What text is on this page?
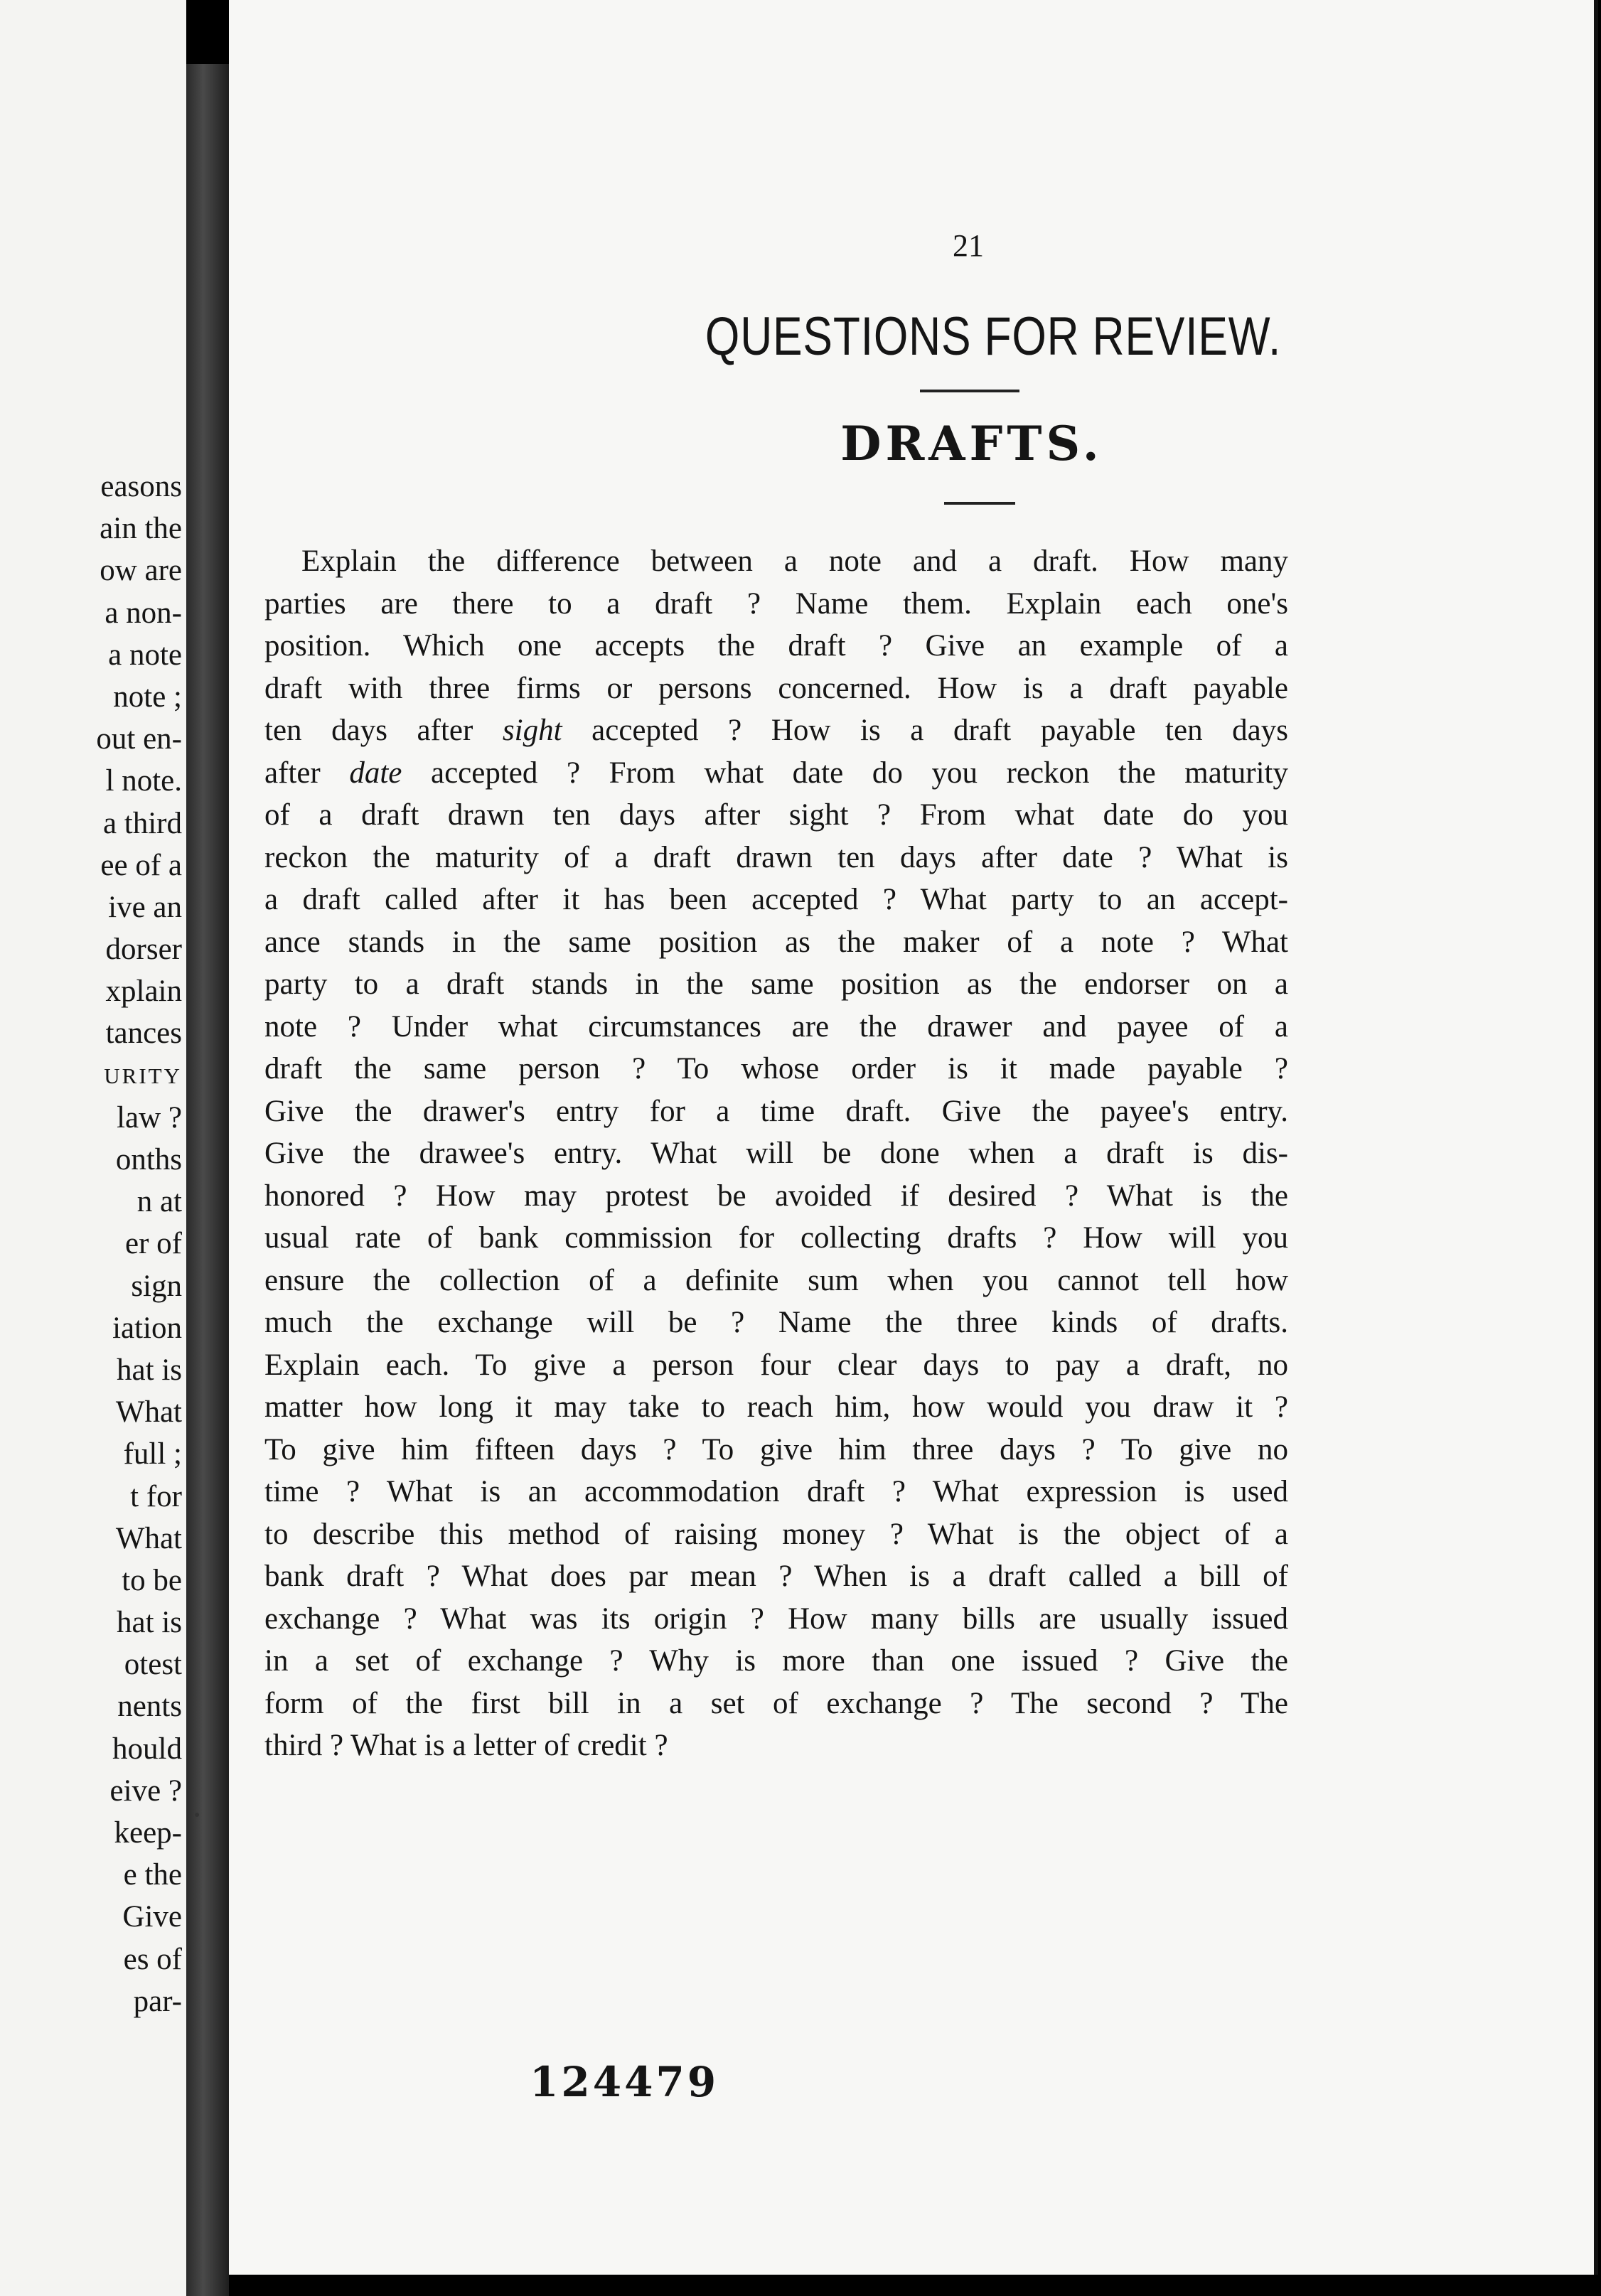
easons
ain the
ow are
a non-
a note
note ;
out en-
l note.
a third
ee of a
ive an
dorser
xplain
tances
URITY
law ?
onths
n at
er of
sign
iation
hat is
What
full ;
t for
What
to be
hat is
otest
nents
hould
eive ?
keep-
e the
Give
es of
par-
21
QUESTIONS FOR REVIEW.
DRAFTS.
Explain the difference between a note and a draft. How many
parties are there to a draft ? Name them. Explain each one's
position. Which one accepts the draft ? Give an example of a
draft with three firms or persons concerned. How is a draft payable
ten days after sight accepted ? How is a draft payable ten days
after date accepted ? From what date do you reckon the maturity
of a draft drawn ten days after sight ? From what date do you
reckon the maturity of a draft drawn ten days after date ? What is
a draft called after it has been accepted ? What party to an accept-
ance stands in the same position as the maker of a note ? What
party to a draft stands in the same position as the endorser on a
note ? Under what circumstances are the drawer and payee of a
draft the same person ? To whose order is it made payable ?
Give the drawer's entry for a time draft. Give the payee's entry.
Give the drawee's entry. What will be done when a draft is dis-
honored ? How may protest be avoided if desired ? What is the
usual rate of bank commission for collecting drafts ? How will you
ensure the collection of a definite sum when you cannot tell how
much the exchange will be ? Name the three kinds of drafts.
Explain each. To give a person four clear days to pay a draft, no
matter how long it may take to reach him, how would you draw it ?
To give him fifteen days ? To give him three days ? To give no
time ? What is an accommodation draft ? What expression is used
to describe this method of raising money ? What is the object of a
bank draft ? What does par mean ? When is a draft called a bill of
exchange ? What was its origin ? How many bills are usually issued
in a set of exchange ? Why is more than one issued ? Give the
form of the first bill in a set of exchange ? The second ? The
third ? What is a letter of credit ?
124479
